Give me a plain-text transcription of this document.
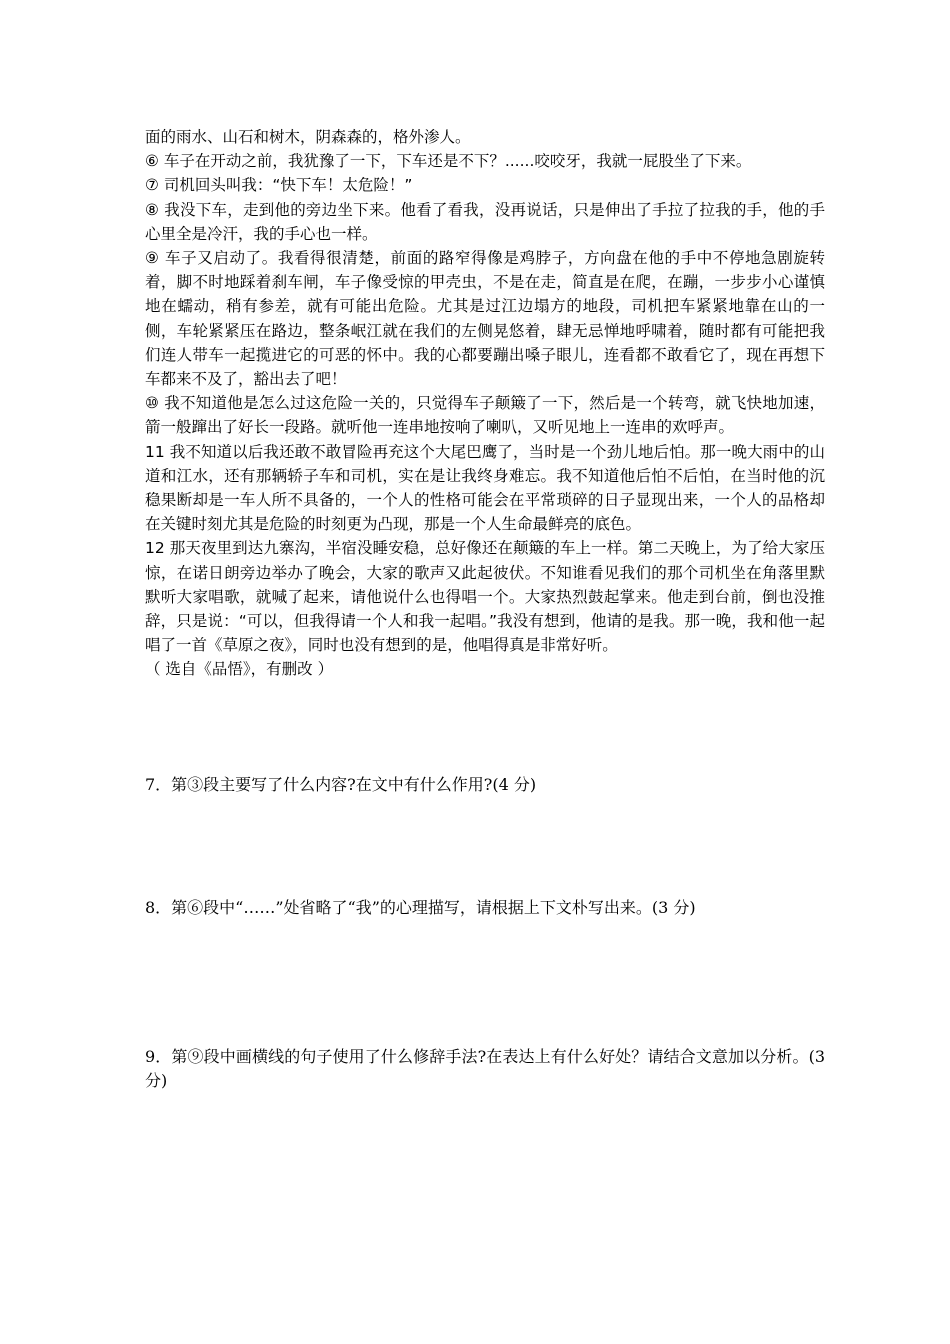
面的雨水、山石和树木，阴森森的，格外渗人。

⑥ 车子在开动之前，我犹豫了一下，下车还是不下？......咬咬牙，我就一屁股坐了下来。

⑦ 司机回头叫我：“快下车！太危险！”

⑧ 我没下车，走到他的旁边坐下来。他看了看我，没再说话，只是伸出了手拉了拉我的手，他的手心里全是冷汗，我的手心也一样。

⑨ 车子又启动了。我看得很清楚，前面的路窄得像是鸡脖子，方向盘在他的手中不停地急剧旋转着，脚不时地踩着刹车闸，车子像受惊的甲壳虫，不是在走，简直是在爬，在蹦，一步步小心谨慎地在蠕动，稍有参差，就有可能出危险。尤其是过江边塌方的地段，司机把车紧紧地靠在山的一侧，车轮紧紧压在路边，整条岷江就在我们的左侧晃悠着，肆无忌惮地呼啸着，随时都有可能把我们连人带车一起揽进它的可恶的怀中。我的心都要蹦出嗓子眼儿，连看都不敢看它了，现在再想下车都来不及了，豁出去了吧！

⑩ 我不知道他是怎么过这危险一关的，只觉得车子颠簸了一下，然后是一个转弯，就飞快地加速，箭一般蹿出了好长一段路。就听他一连串地按响了喇叭，又听见地上一连串的欢呼声。

11 我不知道以后我还敢不敢冒险再充这个大尾巴鹰了，当时是一个劲儿地后怕。那一晚大雨中的山道和江水，还有那辆轿子车和司机，实在是让我终身难忘。我不知道他后怕不后怕，在当时他的沉稳果断却是一车人所不具备的，一个人的性格可能会在平常琐碎的日子显现出来，一个人的品格却在关键时刻尤其是危险的时刻更为凸现，那是一个人生命最鲜亮的底色。

12 那天夜里到达九寨沟，半宿没睡安稳，总好像还在颠簸的车上一样。第二天晚上，为了给大家压惊，在诺日朗旁边举办了晚会，大家的歌声又此起彼伏。不知谁看见我们的那个司机坐在角落里默默听大家唱歌，就喊了起来，请他说什么也得唱一个。大家热烈鼓起掌来。他走到台前，倒也没推辞，只是说：“可以，但我得请一个人和我一起唱。”我没有想到，他请的是我。那一晚，我和他一起唱了一首《草原之夜》，同时也没有想到的是，他唱得真是非常好听。

（ 选自《品悟》，有删改 ）

7．第③段主要写了什么内容?在文中有什么作用?(4 分)

8．第⑥段中“……”处省略了“我”的心理描写，请根据上下文朴写出来。(3 分)

9．第⑨段中画横线的句子使用了什么修辞手法?在表达上有什么好处？请结合文意加以分析。(3 分)
